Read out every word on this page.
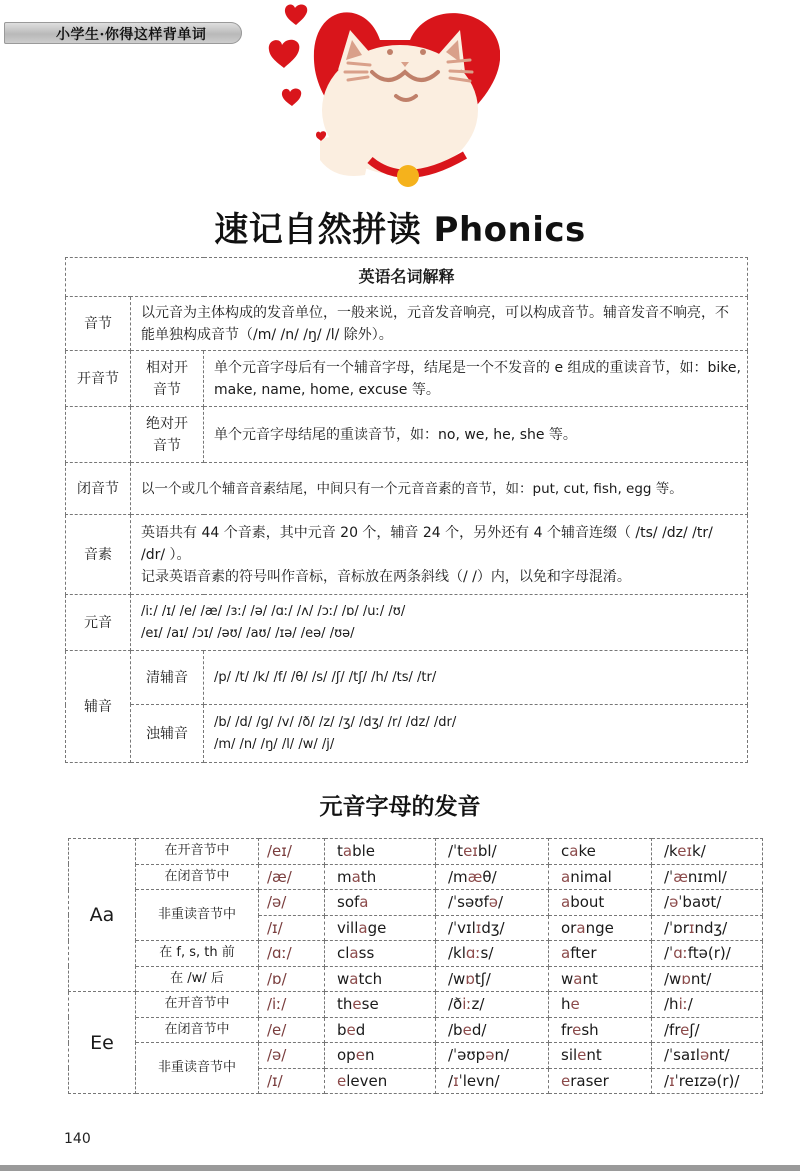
小学生·你得这样背单词
速记自然拼读 Phonics
英语名词解释		
音节	以元音为主体构成的发音单位，一般来说，元音发音响亮，可以构成音节。辅音发音不响亮，不能单独构成音节（/m/ /n/ /ŋ/ /l/ 除外）。	
开音节	相对开音节	单个元音字母后有一个辅音字母，结尾是一个不发音的 e 组成的重读音节，如：bike, make, name, home, excuse 等。

	绝对开音节	单个元音字母结尾的重读音节，如：no, we, he, she 等。
闭音节	以一个或几个辅音音素结尾，中间只有一个元音音素的音节，如：put, cut, fish, egg 等。	
音素	英语共有 44 个音素，其中元音 20 个，辅音 24 个，另外还有 4 个辅音连缀（ /ts/ /dz/ /tr/ /dr/ ）。
记录英语音素的符号叫作音标，音标放在两条斜线（/ /）内，以免和字母混淆。	

元音	/iː/ /ɪ/ /e/ /æ/ /ɜː/ /ə/ /ɑː/ /ʌ/ /ɔː/ /ɒ/ /uː/ /ʊ/
/eɪ/ /aɪ/ /ɔɪ/ /əʊ/ /aʊ/ /ɪə/ /eə/ /ʊə/	

辅音	清辅音	/p/ /t/ /k/ /f/ /θ/ /s/ /ʃ/ /tʃ/ /h/ /ts/ /tr/
	浊辅音	/b/ /d/ /g/ /v/ /ð/ /z/ /ʒ/ /dʒ/ /r/ /dz/ /dr/
/m/ /n/ /ŋ/ /l/ /w/ /j/
元音字母的发音
Aa	在开音节中	/eɪ/	table	/ˈteɪbl/	cake	/keɪk/
	在闭音节中	/æ/	math	/mæθ/	animal	/ˈænɪml/
	非重读音节中	/ə/	sofa	/ˈsəʊfə/	about	/əˈbaʊt/
		/ɪ/	village	/ˈvɪlɪdʒ/	orange	/ˈɒrɪndʒ/
	在 f, s, th 前	/ɑː/	class	/klɑːs/	after	/ˈɑːftə(r)/
	在 /w/ 后	/ɒ/	watch	/wɒtʃ/	want	/wɒnt/
Ee	在开音节中	/iː/	these	/ðiːz/	he	/hiː/
	在闭音节中	/e/	bed	/bed/	fresh	/freʃ/
	非重读音节中	/ə/	open	/ˈəʊpən/	silent	/ˈsaɪlənt/
		/ɪ/	eleven	/ɪˈlevn/	eraser	/ɪˈreɪzə(r)/
140
